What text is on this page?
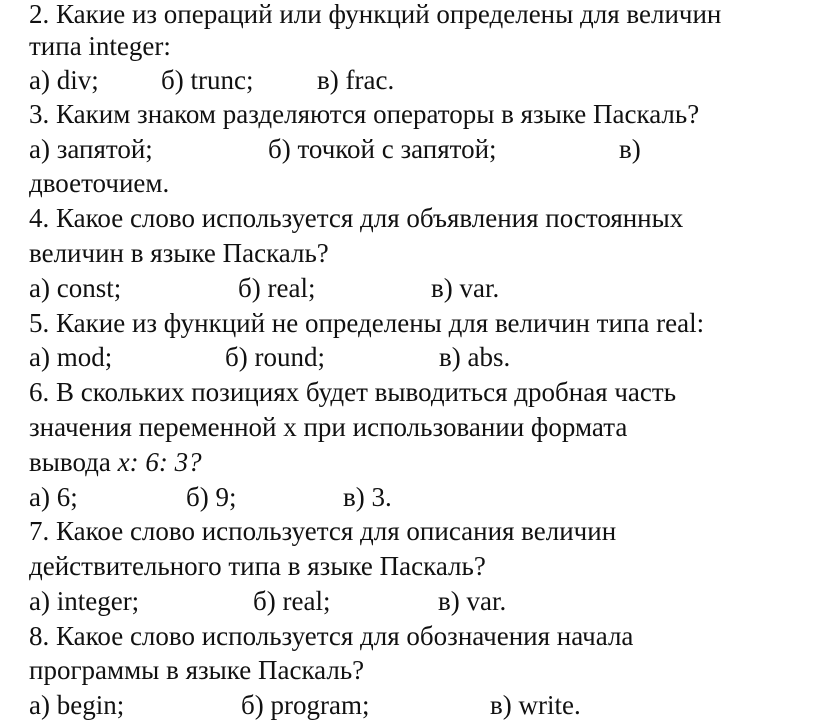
2. Какие из операций или функций определены для величин
типа integer:
а) div; б) trunc; в) frac.
3. Каким знаком разделяются операторы в языке Паскаль?
а) запятой;	б) точкой с запятой;	в)
двоеточием.
4. Какое слово используется для объявления постоянных
величин в языке Паскаль?
а) const;	б) real;	в) var.
5. Какие из функций не определены для величин типа real:
а) mod;	б) round;	в) abs.
6. В скольких позициях будет выводиться дробная часть
значения переменной x при использовании формата
вывода x: 6: 3?
а) 6;	б) 9;	в) 3.
7. Какое слово используется для описания величин
действительного типа в языке Паскаль?
а) integer;	б) real;	в) var.
8. Какое слово используется для обозначения начала
программы в языке Паскаль?
а) begin;	б) program;	в) write.
